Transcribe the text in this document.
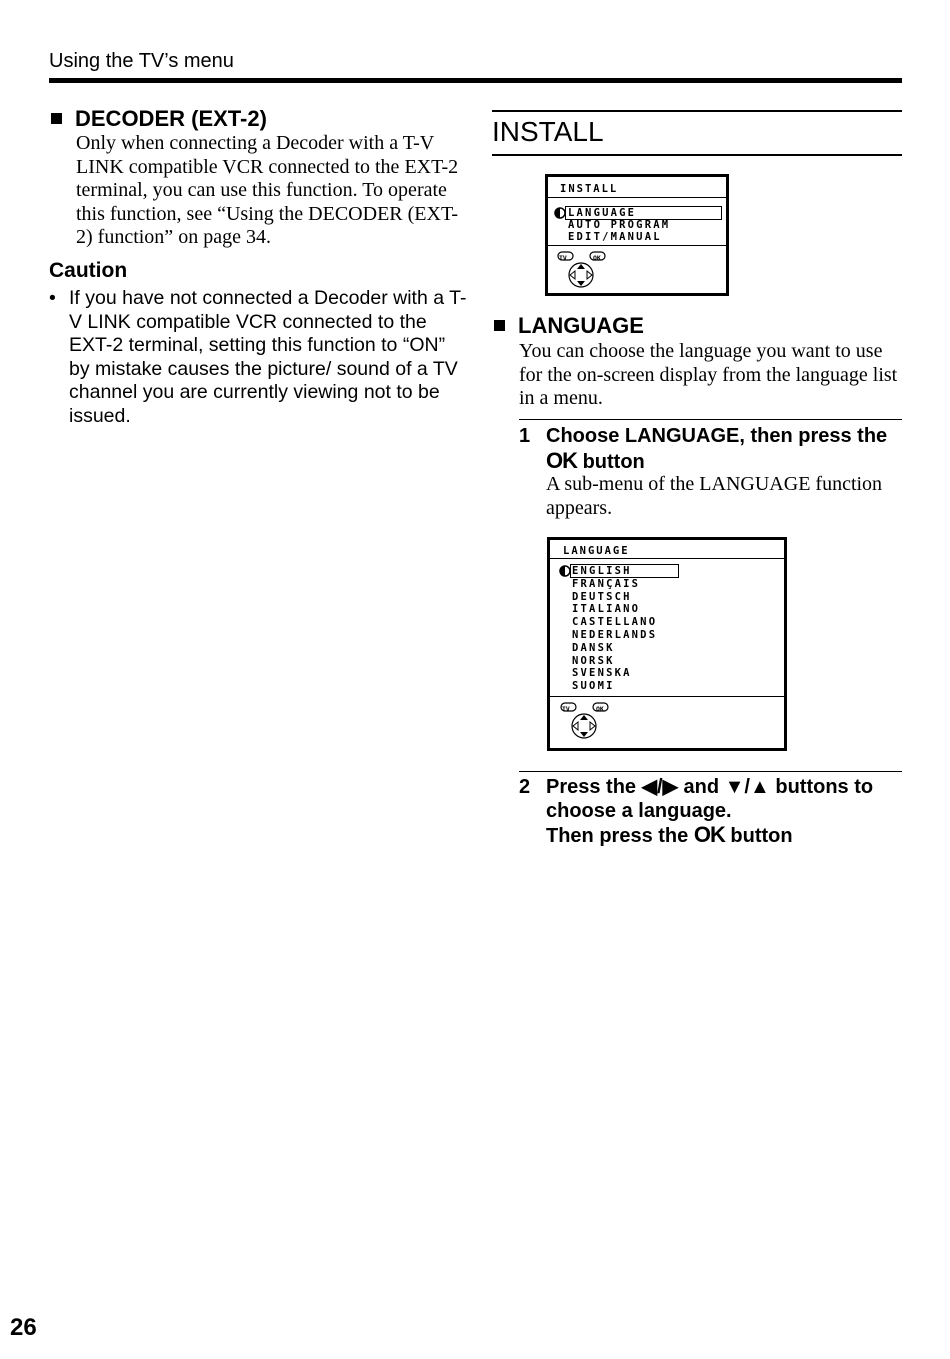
Using the TV’s menu
DECODER (EXT-2)
Only when connecting a Decoder with a T-V LINK compatible VCR connected to the EXT-2 terminal, you can use this function. To operate this function, see “Using the DECODER (EXT-2) function” on page 34.
Caution
• If you have not connected a Decoder with a T-V LINK compatible VCR connected to the EXT-2 terminal, setting this function to “ON” by mistake causes the picture/ sound of a TV channel you are currently viewing not to be issued.
INSTALL
INSTALL
LANGUAGE
AUTO PROGRAM
EDIT/MANUAL
TV	OK
LANGUAGE
You can choose the language you want to use for the on-screen display from the language list in a menu.
1 Choose LANGUAGE, then press the OK button
A sub-menu of the LANGUAGE function appears.
LANGUAGE
ENGLISH
FRANÇAIS
DEUTSCH
ITALIANO
CASTELLANO
NEDERLANDS
DANSK
NORSK
SVENSKA
SUOMI
TV	OK
2 Press the ◀/▶ and ▼/▲ buttons to choose a language.
Then press the OK button
26
